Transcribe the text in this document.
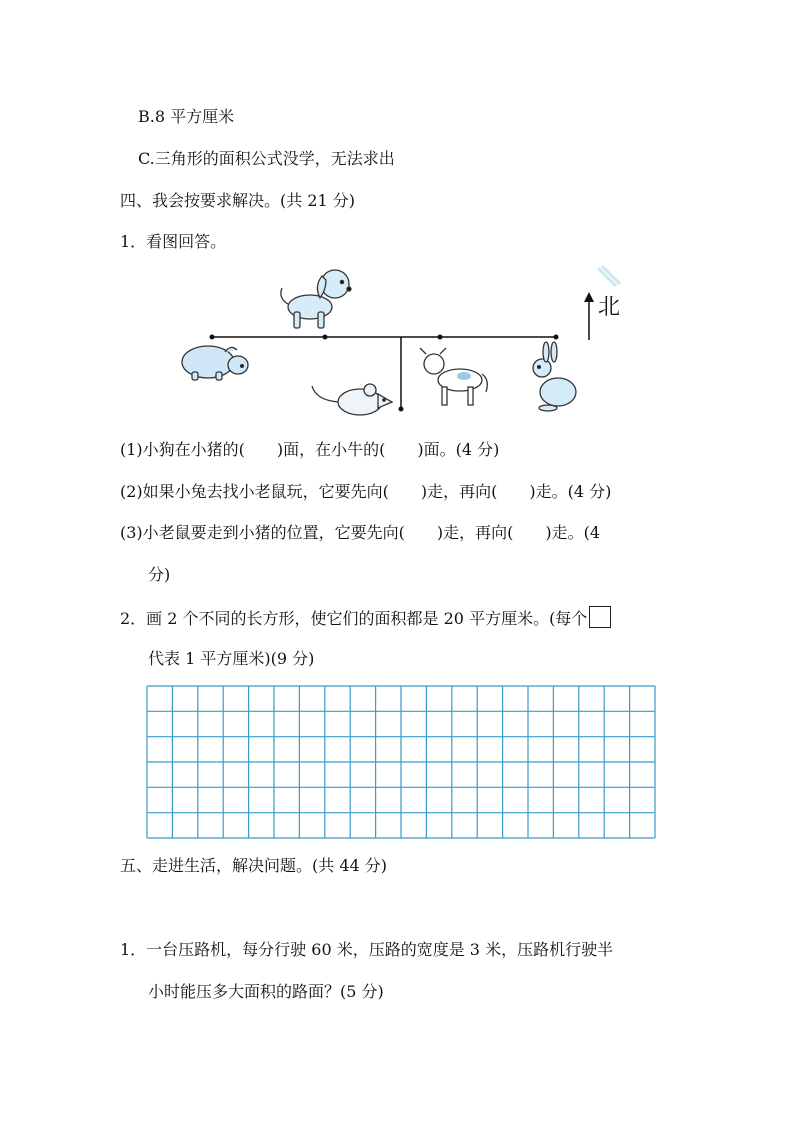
B.8 平方厘米
C.三角形的面积公式没学，无法求出
四、我会按要求解决。(共 21 分)
1．看图回答。
北
(1)小狗在小猪的(　　)面，在小牛的(　　)面。(4 分)
(2)如果小兔去找小老鼠玩，它要先向(　　)走，再向(　　)走。(4 分)
(3)小老鼠要走到小猪的位置，它要先向(　　)走，再向(　　)走。(4
分)
2．画 2 个不同的长方形，使它们的面积都是 20 平方厘米。(每个
代表 1 平方厘米)(9 分)
五、走进生活，解决问题。(共 44 分)
1．一台压路机，每分行驶 60 米，压路的宽度是 3 米，压路机行驶半
小时能压多大面积的路面？(5 分)
